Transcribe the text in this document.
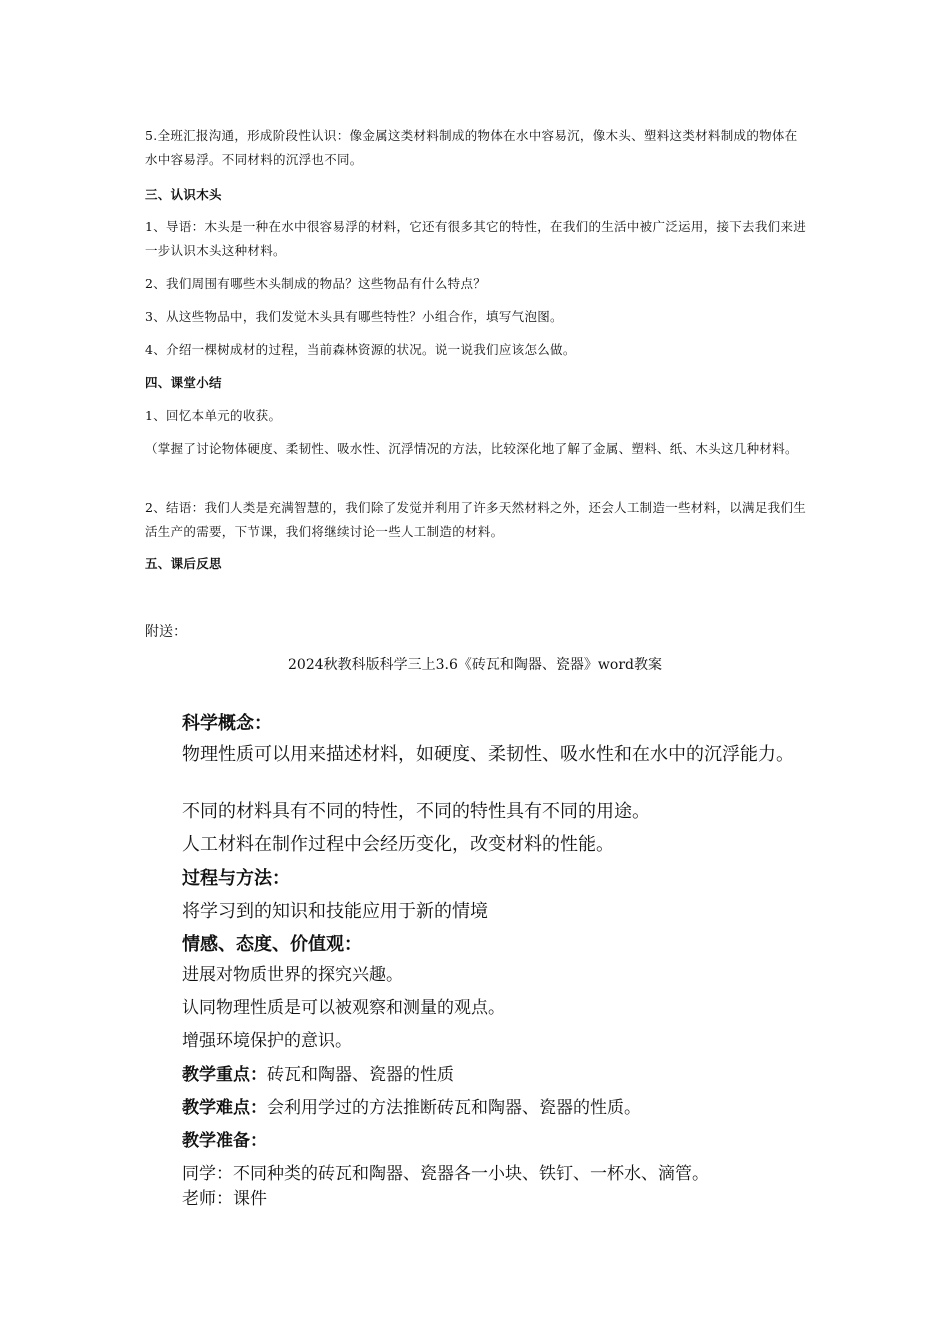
5.全班汇报沟通，形成阶段性认识：像金属这类材料制成的物体在水中容易沉，像木头、塑料这类材料制成的物体在水中容易浮。不同材料的沉浮也不同。

三、认识木头

1、导语：木头是一种在水中很容易浮的材料，它还有很多其它的特性，在我们的生活中被广泛运用，接下去我们来进一步认识木头这种材料。

2、我们周围有哪些木头制成的物品？这些物品有什么特点？

3、从这些物品中，我们发觉木头具有哪些特性？小组合作，填写气泡图。

4、介绍一棵树成材的过程，当前森林资源的状况。说一说我们应该怎么做。

四、课堂小结

1、回忆本单元的收获。

（掌握了讨论物体硬度、柔韧性、吸水性、沉浮情况的方法，比较深化地了解了金属、塑料、纸、木头这几种材料。

2、结语：我们人类是充满智慧的，我们除了发觉并利用了许多天然材料之外，还会人工制造一些材料，以满足我们生活生产的需要，下节课，我们将继续讨论一些人工制造的材料。

五、课后反思

附送：

2024秋教科版科学三上3.6《砖瓦和陶器、瓷器》word教案

科学概念：

物理性质可以用来描述材料，如硬度、柔韧性、吸水性和在水中的沉浮能力。

不同的材料具有不同的特性，不同的特性具有不同的用途。

人工材料在制作过程中会经历变化，改变材料的性能。

过程与方法：

将学习到的知识和技能应用于新的情境

情感、态度、价值观：

进展对物质世界的探究兴趣。

认同物理性质是可以被观察和测量的观点。

增强环境保护的意识。

教学重点：砖瓦和陶器、瓷器的性质

教学难点：会利用学过的方法推断砖瓦和陶器、瓷器的性质。

教学准备：

同学：不同种类的砖瓦和陶器、瓷器各一小块、铁钉、一杯水、滴管。

老师：课件
